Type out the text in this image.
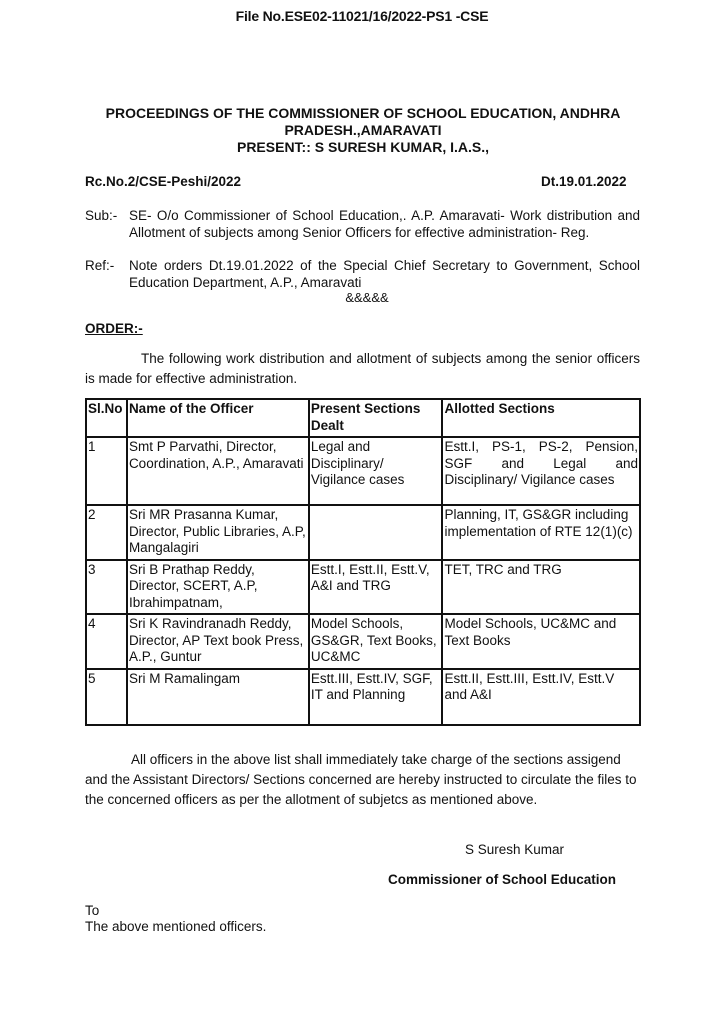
File No.ESE02-11021/16/2022-PS1 -CSE
PROCEEDINGS OF THE COMMISSIONER OF SCHOOL EDUCATION, ANDHRA
PRADESH.,AMARAVATI
PRESENT:: S SURESH KUMAR, I.A.S.,
Rc.No.2/CSE-Peshi/2022	Dt.19.01.2022
Sub:- SE- O/o Commissioner of School Education,. A.P. Amaravati- Work distribution and Allotment of subjects among Senior Officers for effective administration- Reg.
Ref:- Note orders Dt.19.01.2022 of the Special Chief Secretary to Government, School Education Department, A.P., Amaravati
&&&&&
ORDER:-
The following work distribution and allotment of subjects among the senior officers is made for effective administration.
Sl.No	Name of the Officer	Present Sections Dealt	Allotted Sections
1	Smt P Parvathi, Director, Coordination, A.P., Amaravati	Legal and Disciplinary/ Vigilance cases	Estt.I, PS-1, PS-2, Pension, SGF and Legal and Disciplinary/ Vigilance cases
2	Sri MR Prasanna Kumar, Director, Public Libraries, A.P, Mangalagiri		Planning, IT, GS&GR including implementation of RTE 12(1)(c)
3	Sri B Prathap Reddy, Director, SCERT, A.P, Ibrahimpatnam,	Estt.I, Estt.II, Estt.V, A&I and TRG	TET, TRC and TRG
4	Sri K Ravindranadh Reddy, Director, AP Text book Press, A.P., Guntur	Model Schools, GS&GR, Text Books, UC&MC	Model Schools, UC&MC and Text Books
5	Sri M Ramalingam	Estt.III, Estt.IV, SGF, IT and Planning	Estt.II, Estt.III, Estt.IV, Estt.V and A&I
All officers in the above list shall immediately take charge of the sections assigend and the Assistant Directors/ Sections concerned are hereby instructed to circulate the files to the concerned officers as per the allotment of subjetcs as mentioned above.
S Suresh Kumar
Commissioner of School Education
To
The above mentioned officers.
